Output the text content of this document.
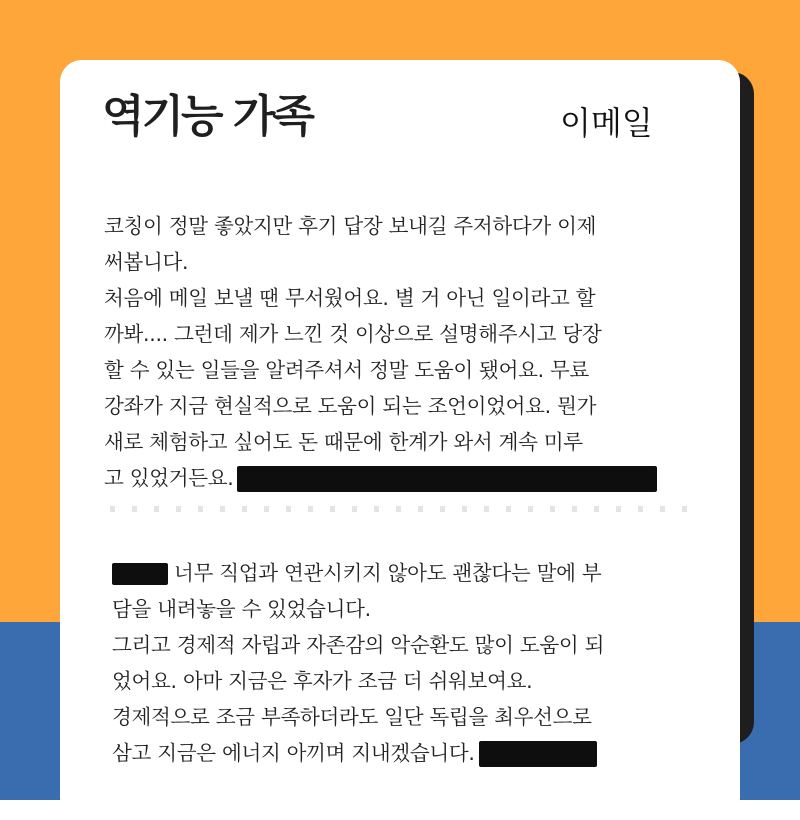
역기능 가족	이메일
코칭이 정말 좋았지만 후기 답장 보내길 주저하다가 이제
써봅니다.
처음에 메일 보낼 땐 무서웠어요. 별 거 아닌 일이라고 할
까봐.... 그런데 제가 느낀 것 이상으로 설명해주시고 당장
할 수 있는 일들을 알려주셔서 정말 도움이 됐어요. 무료
강좌가 지금 현실적으로 도움이 되는 조언이었어요. 뭔가
새로 체험하고 싶어도 돈 때문에 한계가 와서 계속 미루
고 있었거든요.
너무 직업과 연관시키지 않아도 괜찮다는 말에 부
담을 내려놓을 수 있었습니다.
그리고 경제적 자립과 자존감의 악순환도 많이 도움이 되
었어요. 아마 지금은 후자가 조금 더 쉬워보여요.
경제적으로 조금 부족하더라도 일단 독립을 최우선으로
삼고 지금은 에너지 아끼며 지내겠습니다.
